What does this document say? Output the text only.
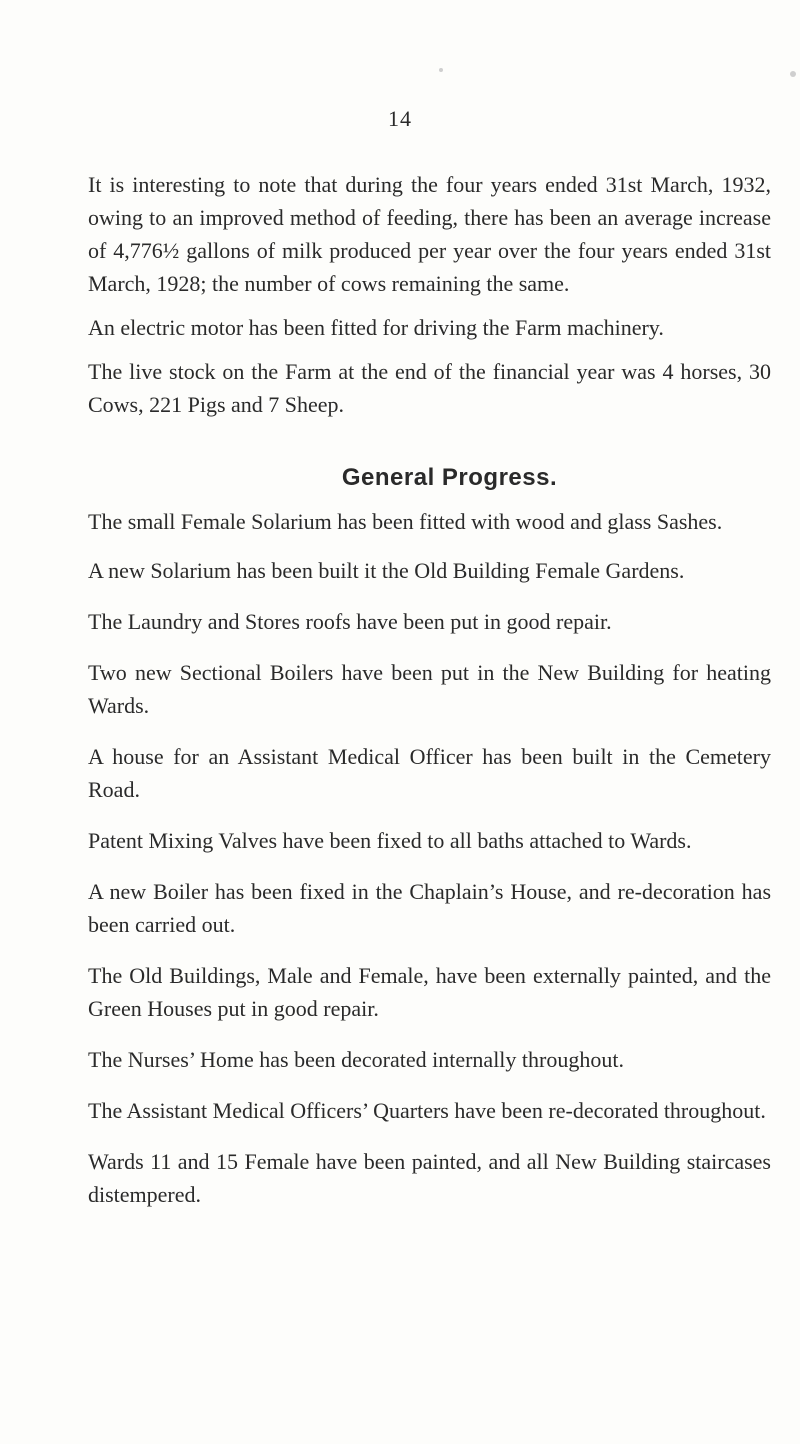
14

It is interesting to note that during the four years ended 31st March, 1932, owing to an improved method of feeding, there has been an average increase of 4,776½ gallons of milk produced per year over the four years ended 31st March, 1928; the number of cows remaining the same.

An electric motor has been fitted for driving the Farm machinery.

The live stock on the Farm at the end of the financial year was 4 horses, 30 Cows, 221 Pigs and 7 Sheep.

General Progress.

The small Female Solarium has been fitted with wood and glass Sashes.

A new Solarium has been built it the Old Building Female Gardens.

The Laundry and Stores roofs have been put in good repair.

Two new Sectional Boilers have been put in the New Building for heating Wards.

A house for an Assistant Medical Officer has been built in the Cemetery Road.

Patent Mixing Valves have been fixed to all baths attached to Wards.

A new Boiler has been fixed in the Chaplain’s House, and re-decoration has been carried out.

The Old Buildings, Male and Female, have been externally painted, and the Green Houses put in good repair.

The Nurses’ Home has been decorated internally throughout.

The Assistant Medical Officers’ Quarters have been re-decorated throughout.

Wards 11 and 15 Female have been painted, and all New Building staircases distempered.
